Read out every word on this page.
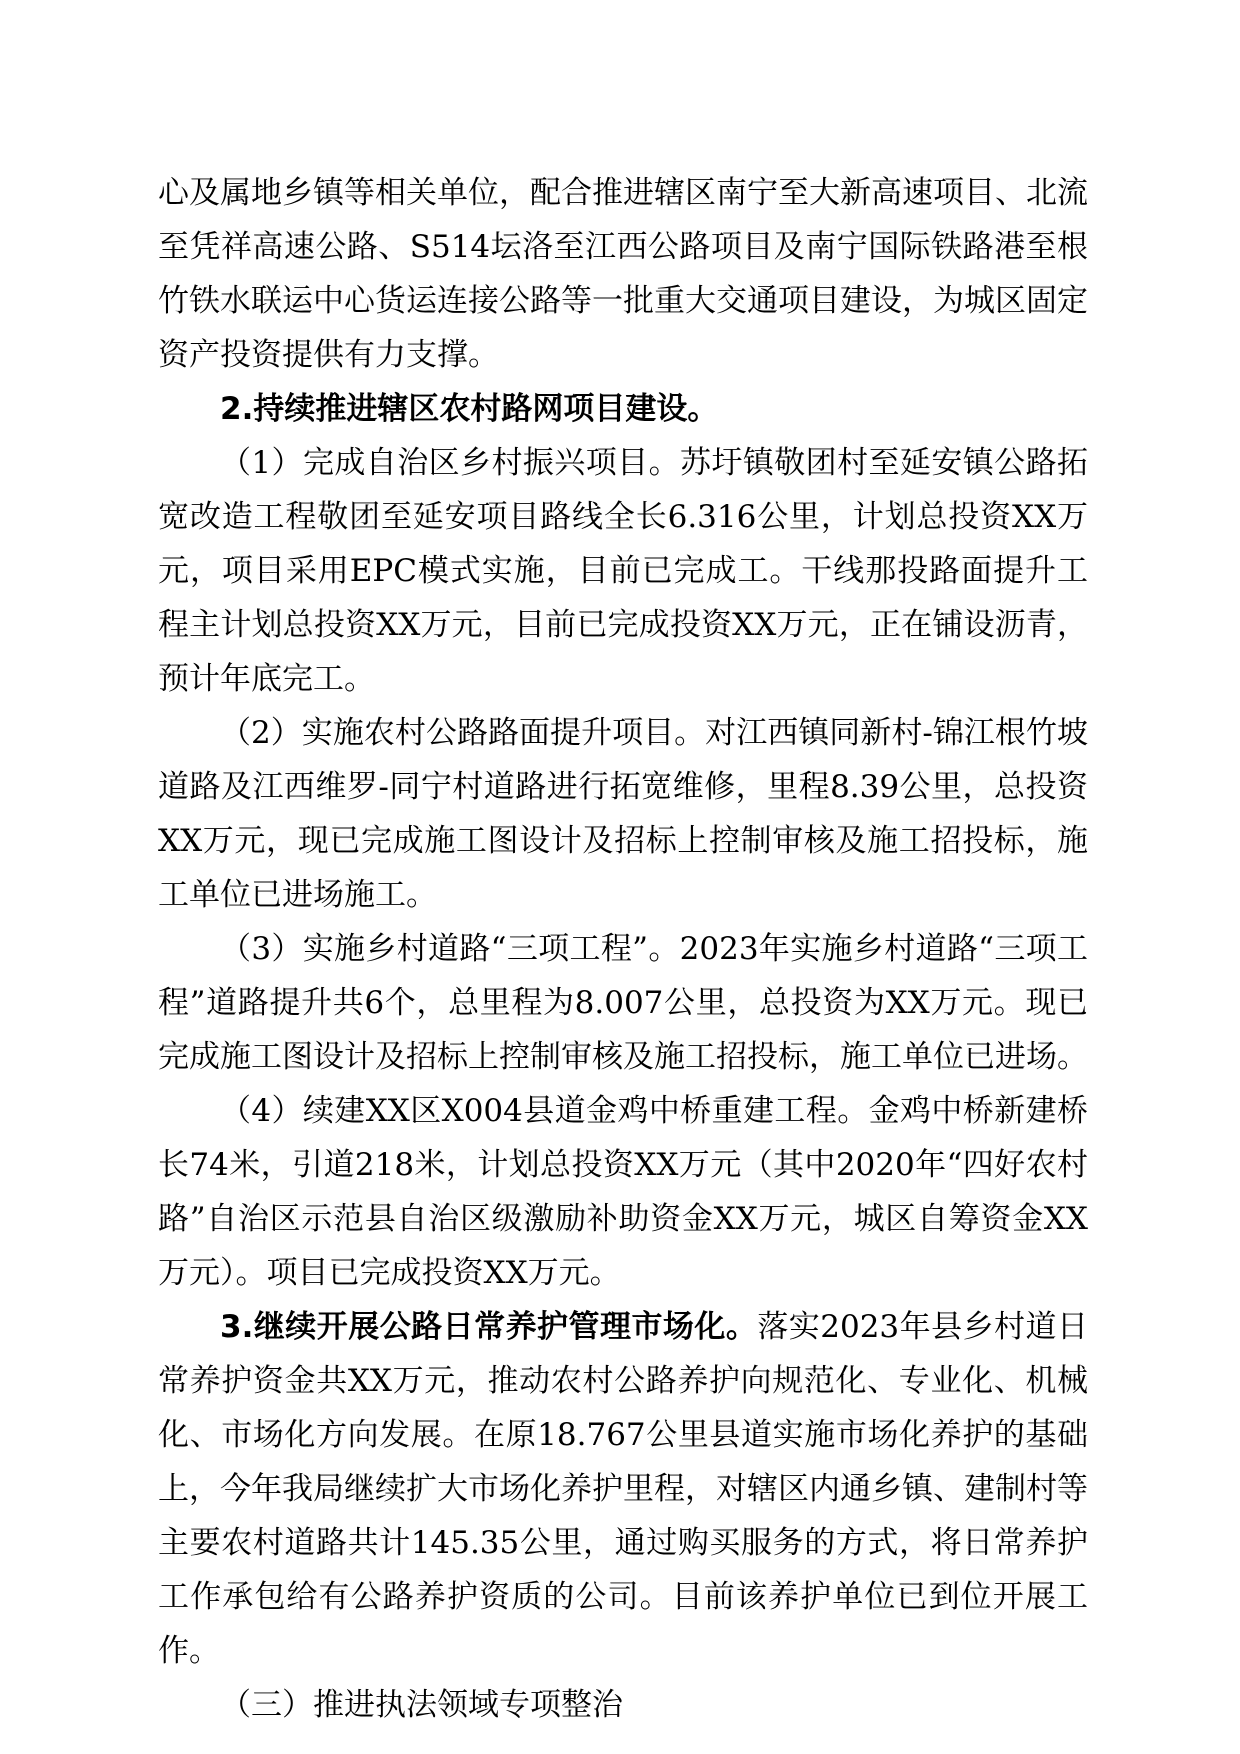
心及属地乡镇等相关单位，配合推进辖区南宁至大新高速项目、北流至凭祥高速公路、S514坛洛至江西公路项目及南宁国际铁路港至根竹铁水联运中心货运连接公路等一批重大交通项目建设，为城区固定资产投资提供有力支撑。

2.持续推进辖区农村路网项目建设。

（1）完成自治区乡村振兴项目。苏圩镇敬团村至延安镇公路拓宽改造工程敬团至延安项目路线全长6.316公里，计划总投资XX万元，项目采用EPC模式实施，目前已完成工。干线那投路面提升工程主计划总投资XX万元，目前已完成投资XX万元，正在铺设沥青，预计年底完工。

（2）实施农村公路路面提升项目。对江西镇同新村-锦江根竹坡道路及江西维罗-同宁村道路进行拓宽维修，里程8.39公里，总投资XX万元，现已完成施工图设计及招标上控制审核及施工招投标，施工单位已进场施工。

（3）实施乡村道路“三项工程”。2023年实施乡村道路“三项工程”道路提升共6个，总里程为8.007公里，总投资为XX万元。现已完成施工图设计及招标上控制审核及施工招投标，施工单位已进场。

（4）续建XX区X004县道金鸡中桥重建工程。金鸡中桥新建桥长74米，引道218米，计划总投资XX万元（其中2020年“四好农村路”自治区示范县自治区级激励补助资金XX万元，城区自筹资金XX万元）。项目已完成投资XX万元。

3.继续开展公路日常养护管理市场化。落实2023年县乡村道日常养护资金共XX万元，推动农村公路养护向规范化、专业化、机械化、市场化方向发展。在原18.767公里县道实施市场化养护的基础上，今年我局继续扩大市场化养护里程，对辖区内通乡镇、建制村等主要农村道路共计145.35公里，通过购买服务的方式，将日常养护工作承包给有公路养护资质的公司。目前该养护单位已到位开展工作。

（三）推进执法领域专项整治
